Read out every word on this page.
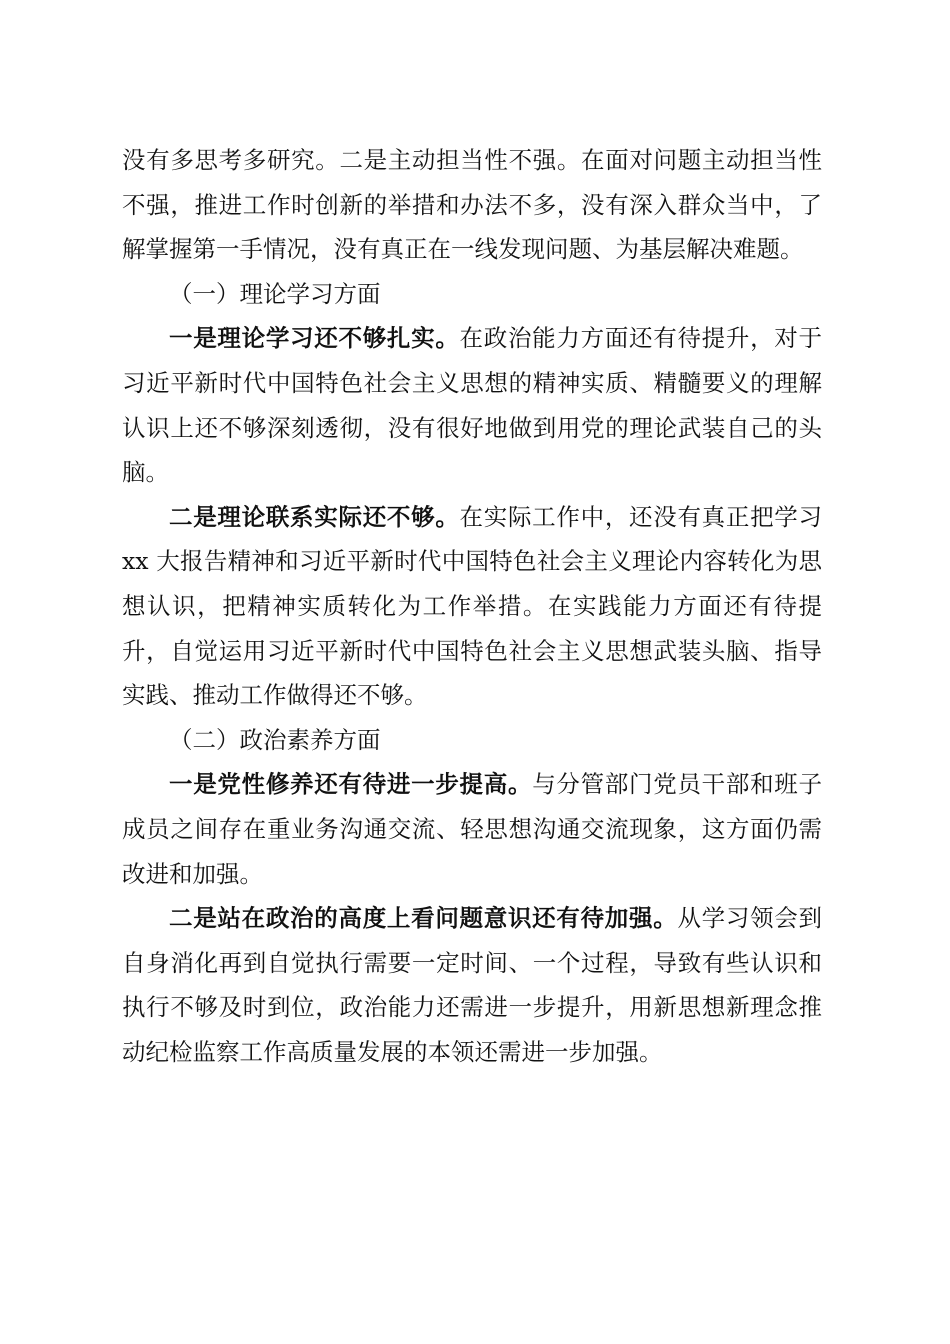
没有多思考多研究。二是主动担当性不强。在面对问题主动担当性不强，推进工作时创新的举措和办法不多，没有深入群众当中，了解掌握第一手情况，没有真正在一线发现问题、为基层解决难题。

（一）理论学习方面

一是理论学习还不够扎实。在政治能力方面还有待提升，对于习近平新时代中国特色社会主义思想的精神实质、精髓要义的理解认识上还不够深刻透彻，没有很好地做到用党的理论武装自己的头脑。

二是理论联系实际还不够。在实际工作中，还没有真正把学习 xx 大报告精神和习近平新时代中国特色社会主义理论内容转化为思想认识，把精神实质转化为工作举措。在实践能力方面还有待提升，自觉运用习近平新时代中国特色社会主义思想武装头脑、指导实践、推动工作做得还不够。

（二）政治素养方面

一是党性修养还有待进一步提高。与分管部门党员干部和班子成员之间存在重业务沟通交流、轻思想沟通交流现象，这方面仍需改进和加强。

二是站在政治的高度上看问题意识还有待加强。从学习领会到自身消化再到自觉执行需要一定时间、一个过程，导致有些认识和执行不够及时到位，政治能力还需进一步提升，用新思想新理念推动纪检监察工作高质量发展的本领还需进一步加强。
